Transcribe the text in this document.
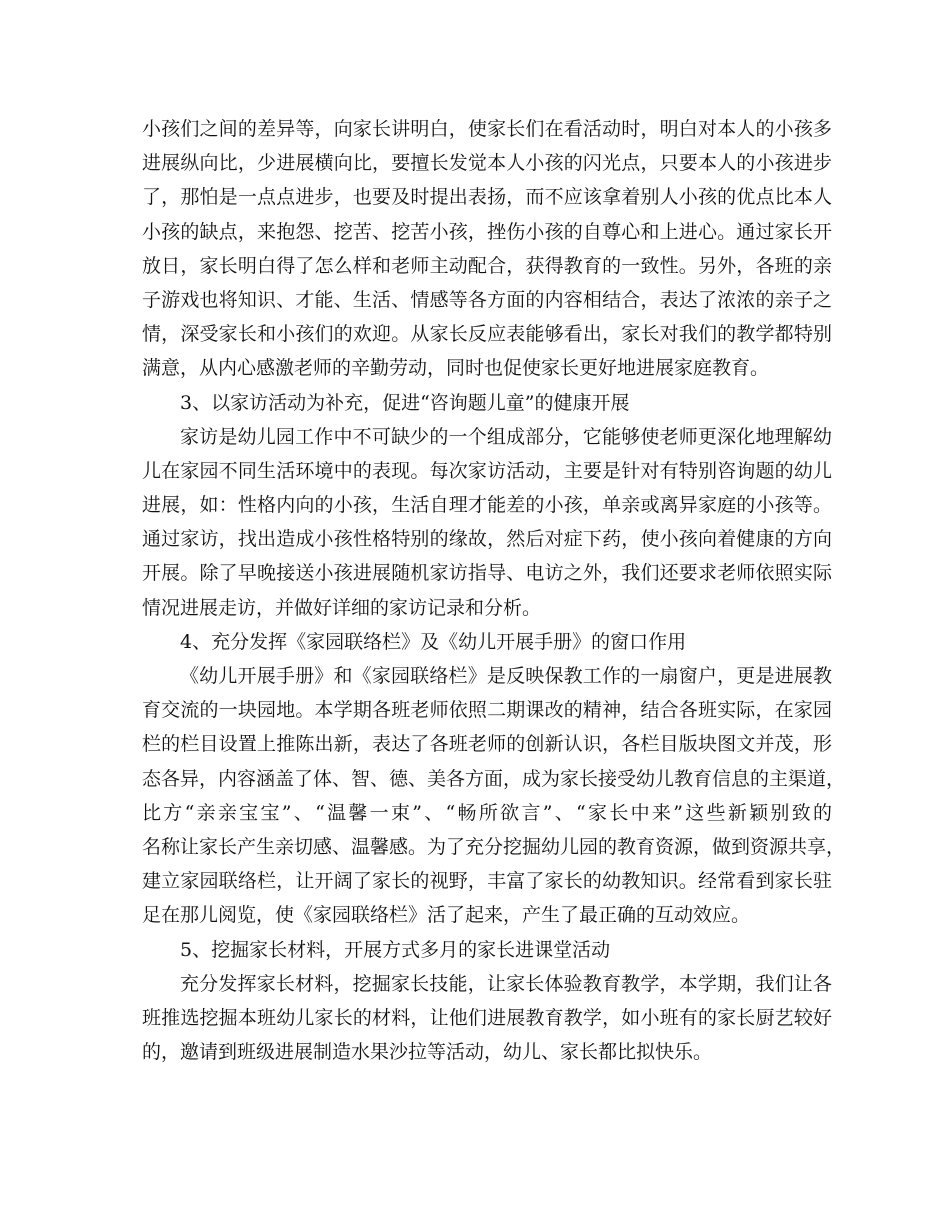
小孩们之间的差异等，向家长讲明白，使家长们在看活动时，明白对本人的小孩多

进展纵向比，少进展横向比，要擅长发觉本人小孩的闪光点，只要本人的小孩进步

了，那怕是一点点进步，也要及时提出表扬，而不应该拿着别人小孩的优点比本人

小孩的缺点，来抱怨、挖苦、挖苦小孩，挫伤小孩的自尊心和上进心。通过家长开

放日，家长明白得了怎么样和老师主动配合，获得教育的一致性。另外，各班的亲

子游戏也将知识、才能、生活、情感等各方面的内容相结合，表达了浓浓的亲子之

情，深受家长和小孩们的欢迎。从家长反应表能够看出，家长对我们的教学都特别

满意，从内心感激老师的辛勤劳动，同时也促使家长更好地进展家庭教育。

3、以家访活动为补充，促进“咨询题儿童”的健康开展

家访是幼儿园工作中不可缺少的一个组成部分，它能够使老师更深化地理解幼

儿在家园不同生活环境中的表现。每次家访活动，主要是针对有特别咨询题的幼儿

进展，如：性格内向的小孩，生活自理才能差的小孩，单亲或离异家庭的小孩等。

通过家访，找出造成小孩性格特别的缘故，然后对症下药，使小孩向着健康的方向

开展。除了早晚接送小孩进展随机家访指导、电访之外，我们还要求老师依照实际

情况进展走访，并做好详细的家访记录和分析。

4、充分发挥《家园联络栏》及《幼儿开展手册》的窗口作用

《幼儿开展手册》和《家园联络栏》是反映保教工作的一扇窗户，更是进展教

育交流的一块园地。本学期各班老师依照二期课改的精神，结合各班实际，在家园

栏的栏目设置上推陈出新，表达了各班老师的创新认识，各栏目版块图文并茂，形

态各异，内容涵盖了体、智、德、美各方面，成为家长接受幼儿教育信息的主渠道，

比方“亲亲宝宝”、“温馨一束”、“畅所欲言”、“家长中来”这些新颖别致的

名称让家长产生亲切感、温馨感。为了充分挖掘幼儿园的教育资源，做到资源共享，

建立家园联络栏，让开阔了家长的视野，丰富了家长的幼教知识。经常看到家长驻

足在那儿阅览，使《家园联络栏》活了起来，产生了最正确的互动效应。

5、挖掘家长材料，开展方式多月的家长进课堂活动

充分发挥家长材料，挖掘家长技能，让家长体验教育教学，本学期，我们让各

班推选挖掘本班幼儿家长的材料，让他们进展教育教学，如小班有的家长厨艺较好

的，邀请到班级进展制造水果沙拉等活动，幼儿、家长都比拟快乐。
